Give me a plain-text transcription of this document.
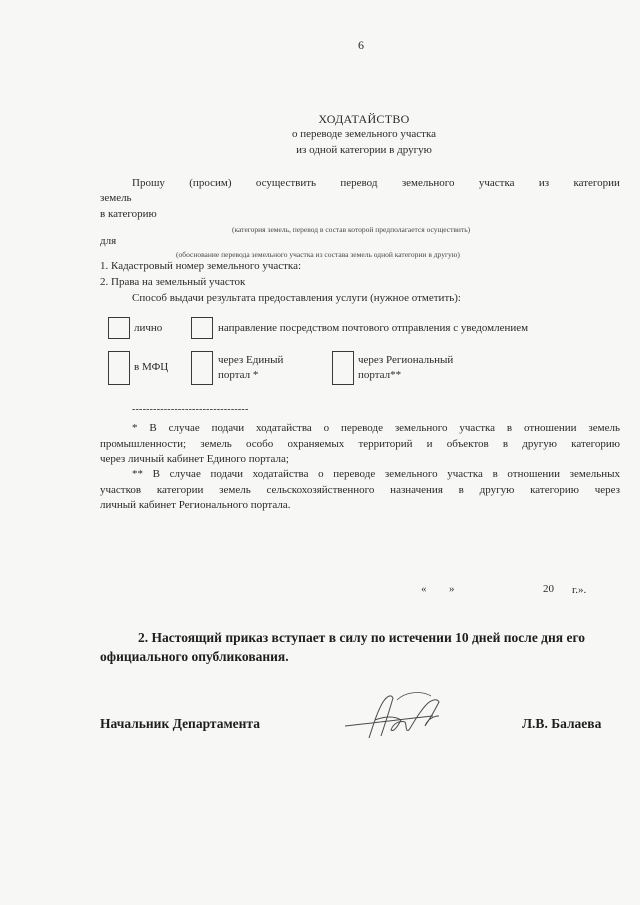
6
ХОДАТАЙСТВО
о переводе земельного участка
из одной категории в другую
Прошу (просим) осуществить перевод земельного участка из категории
земель
в категорию
(категория земель, перевод в состав которой предполагается осуществить)
для
(обоснование перевода земельного участка из состава земель одной категории в другую)
1. Кадастровый номер земельного участка:
2. Права на земельный участок
Способ выдачи результата предоставления услуги (нужное отметить):
лично	направление посредством почтового отправления с уведомлением
в МФЦ
через Единый
портал *
через Региональный
портал**
---------------------------------
* В случае подачи ходатайства о переводе земельного участка в отношении земель
промышленности; земель особо охраняемых территорий и объектов в другую категорию
через личный кабинет Единого портала;
** В случае подачи ходатайства о переводе земельного участка в отношении земельных
участков категории земель сельскохозяйственного назначения в другую категорию через
личный кабинет Регионального портала.
« »	20 г.».
2. Настоящий приказ вступает в силу по истечении 10 дней после дня его
официального опубликования.
Начальник Департамента	Л.В. Балаева
